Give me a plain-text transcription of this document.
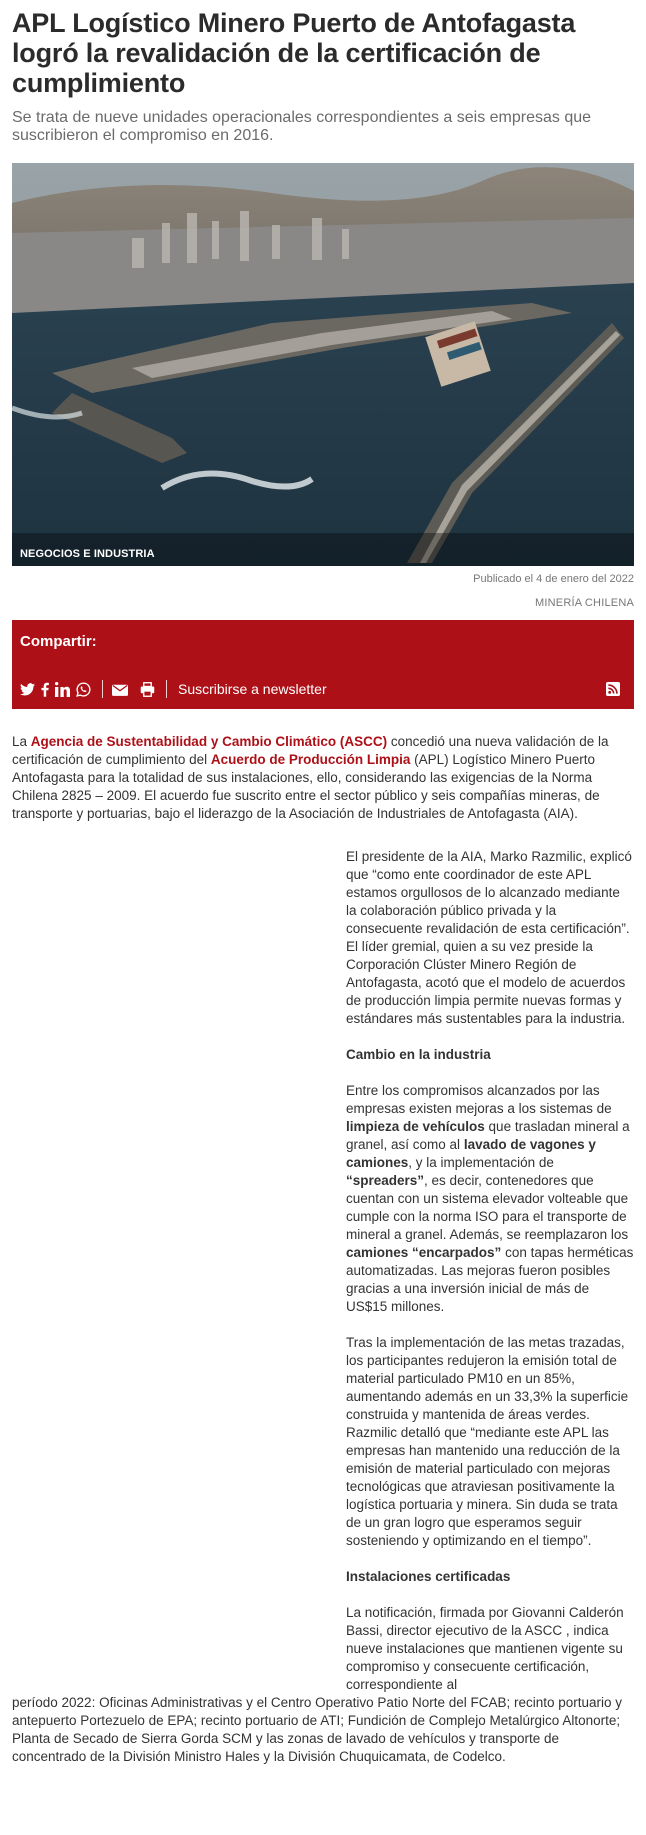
APL Logístico Minero Puerto de Antofagasta logró la revalidación de la certificación de cumplimiento

Se trata de nueve unidades operacionales correspondientes a seis empresas que suscribieron el compromiso en 2016.

NEGOCIOS E INDUSTRIA
Publicado el 4 de enero del 2022
MINERÍA CHILENA
Compartir:
Suscribirse a newsletter

La Agencia de Sustentabilidad y Cambio Climático (ASCC) concedió una nueva validación de la certificación de cumplimiento del Acuerdo de Producción Limpia (APL) Logístico Minero Puerto Antofagasta para la totalidad de sus instalaciones, ello, considerando las exigencias de la Norma Chilena 2825 – 2009. El acuerdo fue suscrito entre el sector público y seis compañías mineras, de transporte y portuarias, bajo el liderazgo de la Asociación de Industriales de Antofagasta (AIA).

El presidente de la AIA, Marko Razmilic, explicó que “como ente coordinador de este APL estamos orgullosos de lo alcanzado mediante la colaboración público privada y la consecuente revalidación de esta certificación”. El líder gremial, quien a su vez preside la Corporación Clúster Minero Región de Antofagasta, acotó que el modelo de acuerdos de producción limpia permite nuevas formas y estándares más sustentables para la industria.

Cambio en la industria

Entre los compromisos alcanzados por las empresas existen mejoras a los sistemas de limpieza de vehículos que trasladan mineral a granel, así como al lavado de vagones y camiones, y la implementación de “spreaders”, es decir, contenedores que cuentan con un sistema elevador volteable que cumple con la norma ISO para el transporte de mineral a granel. Además, se reemplazaron los camiones “encarpados” con tapas herméticas automatizadas. Las mejoras fueron posibles gracias a una inversión inicial de más de US$15 millones.

Tras la implementación de las metas trazadas, los participantes redujeron la emisión total de material particulado PM10 en un 85%, aumentando además en un 33,3% la superficie construida y mantenida de áreas verdes. Razmilic detalló que “mediante este APL las empresas han mantenido una reducción de la emisión de material particulado con mejoras tecnológicas que atraviesan positivamente la logística portuaria y minera. Sin duda se trata de un gran logro que esperamos seguir sosteniendo y optimizando en el tiempo”.

Instalaciones certificadas

La notificación, firmada por Giovanni Calderón Bassi, director ejecutivo de la ASCC , indica nueve instalaciones que mantienen vigente su compromiso y consecuente certificación, correspondiente al

período 2022: Oficinas Administrativas y el Centro Operativo Patio Norte del FCAB; recinto portuario y antepuerto Portezuelo de EPA; recinto portuario de ATI; Fundición de Complejo Metalúrgico Altonorte; Planta de Secado de Sierra Gorda SCM y las zonas de lavado de vehículos y transporte de concentrado de la División Ministro Hales y la División Chuquicamata, de Codelco.
